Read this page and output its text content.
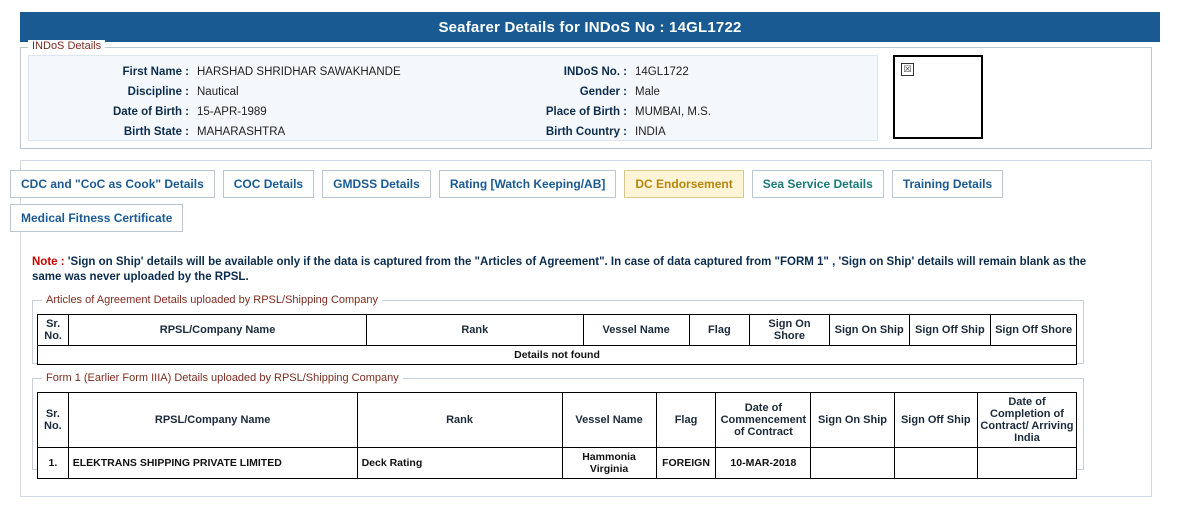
Seafarer Details for INDoS No : 14GL1722
INDoS Details
First Name : HARSHAD SHRIDHAR SAWAKHANDE
Discipline : Nautical
Date of Birth : 15-APR-1989
Birth State : MAHARASHTRA
INDoS No. : 14GL1722
Gender : Male
Place of Birth : MUMBAI, M.S.
Birth Country : INDIA
☒
CDC and "CoC as Cook" Details	COC Details	GMDSS Details	Rating [Watch Keeping/AB]	DC Endorsement	Sea Service Details	Training Details
Medical Fitness Certificate
Note : 'Sign on Ship' details will be available only if the data is captured from the "Articles of Agreement". In case of data captured from "FORM 1" , 'Sign on Ship' details will remain blank as the same was never uploaded by the RPSL.
Articles of Agreement Details uploaded by RPSL/Shipping Company
Sr.
No.	RPSL/Company Name	Rank	Vessel Name	Flag	Sign On Shore	Sign On Ship	Sign Off Ship	Sign Off Shore
Details not found
Form 1 (Earlier Form IIIA) Details uploaded by RPSL/Shipping Company
Sr.
No.	RPSL/Company Name	Rank	Vessel Name	Flag	Date of
Commencement
of Contract	Sign On Ship	Sign Off Ship	Date of
Completion of
Contract/ Arriving
India
1.	ELEKTRANS SHIPPING PRIVATE LIMITED	Deck Rating	Hammonia Virginia	FOREIGN	10-MAR-2018			
